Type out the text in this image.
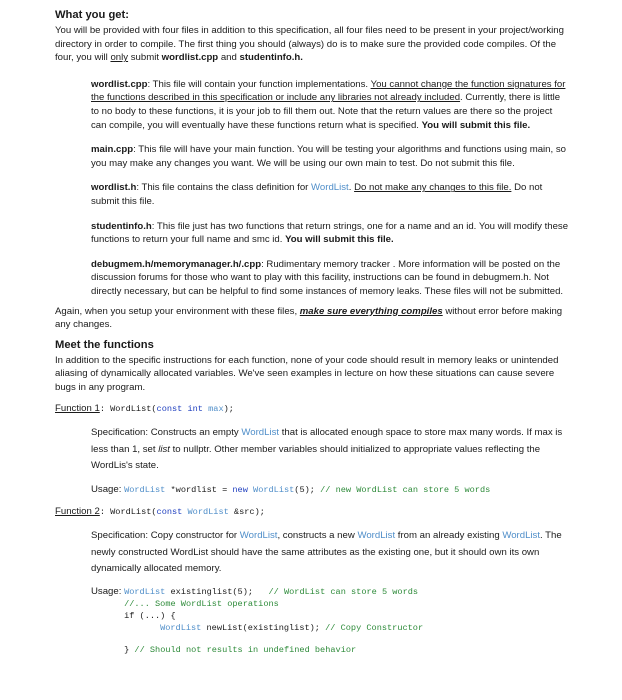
What you get:

You will be provided with four files in addition to this specification, all four files need to be present in your project/working directory in order to compile. The first thing you should (always) do is to make sure the provided code compiles. Of the four, you will only submit wordlist.cpp and studentinfo.h.

wordlist.cpp: This file will contain your function implementations. You cannot change the function signatures for the functions described in this specification or include any libraries not already included. Currently, there is little to no body to these functions, it is your job to fill them out. Note that the return values are there so the project can compile, you will eventually have these functions return what is specified. You will submit this file.

main.cpp: This file will have your main function. You will be testing your algorithms and functions using main, so you may make any changes you want. We will be using our own main to test. Do not submit this file.

wordlist.h: This file contains the class definition for WordList. Do not make any changes to this file. Do not submit this file.

studentinfo.h: This file just has two functions that return strings, one for a name and an id. You will modify these functions to return your full name and smc id. You will submit this file.

debugmem.h/memorymanager.h/.cpp: Rudimentary memory tracker . More information will be posted on the discussion forums for those who want to play with this facility, instructions can be found in debugmem.h. Not directly necessary, but can be helpful to find some instances of memory leaks. These files will not be submitted.

Again, when you setup your environment with these files, make sure everything compiles without error before making any changes.

Meet the functions

In addition to the specific instructions for each function, none of your code should result in memory leaks or unintended aliasing of dynamically allocated variables. We've seen examples in lecture on how these situations can cause severe bugs in any program.

Function 1: WordList(const int max);

Specification: Constructs an empty WordList that is allocated enough space to store max many words. If max is less than 1, set list to nullptr. Other member variables should initialized to appropriate values reflecting the WordLis's state.

Usage: WordList *wordlist = new WordList(5); // new WordList can store 5 words

Function 2: WordList(const WordList &src);

Specification: Copy constructor for WordList, constructs a new WordList from an already existing WordList. The newly constructed WordList should have the same attributes as the existing one, but it should own its own dynamically allocated memory.

Usage: WordList existinglist(5);   // WordList can store 5 words
//... Some WordList operations
if (...) {
WordList newList(existinglist); // Copy Constructor
} // Should not results in undefined behavior
